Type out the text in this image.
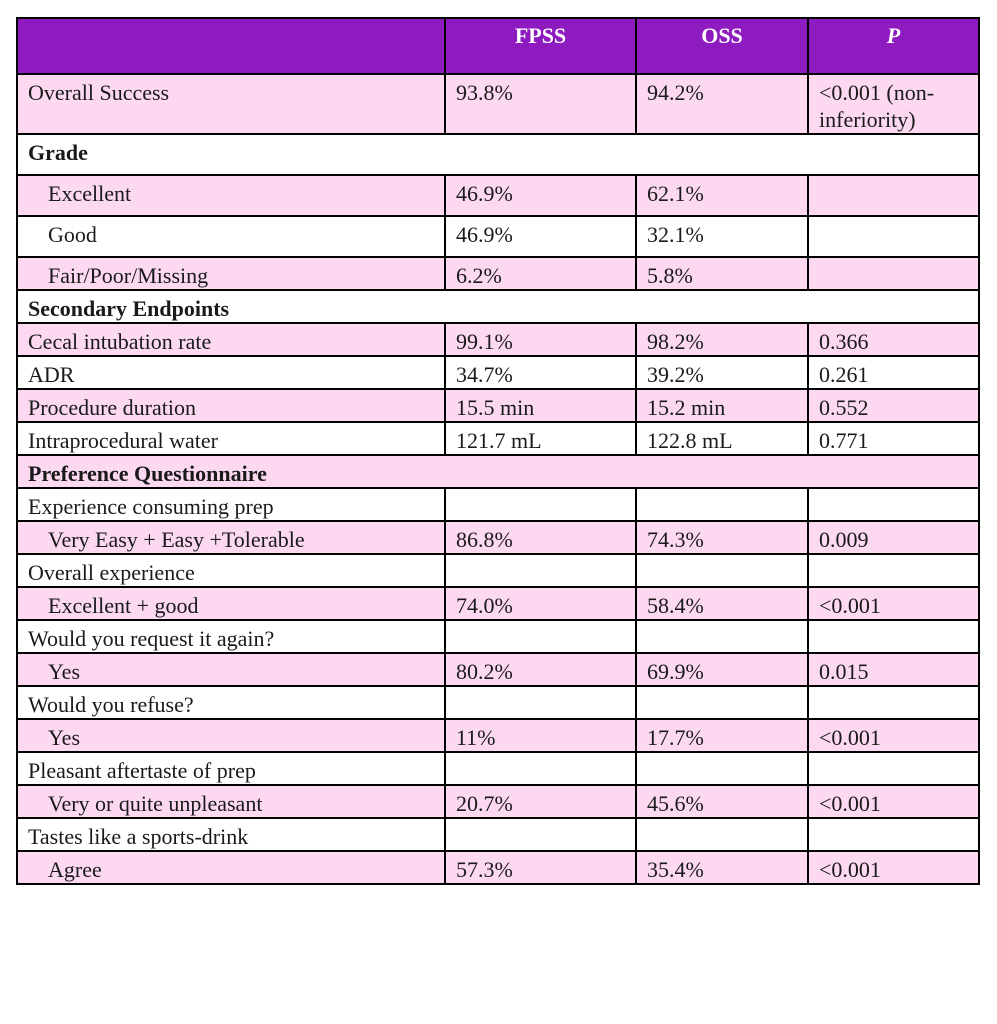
	FPSS	OSS	P
Overall Success	93.8%	94.2%	<0.001 (non-inferiority)
Grade			
Excellent	46.9%	62.1%	
Good	46.9%	32.1%	
Fair/Poor/Missing	6.2%	5.8%	
Secondary Endpoints			
Cecal intubation rate	99.1%	98.2%	0.366
ADR	34.7%	39.2%	0.261
Procedure duration	15.5 min	15.2 min	0.552
Intraprocedural water	121.7 mL	122.8 mL	0.771
Preference Questionnaire			
Experience consuming prep			
Very Easy + Easy +Tolerable	86.8%	74.3%	0.009
Overall experience			
Excellent + good	74.0%	58.4%	<0.001
Would you request it again?			
Yes	80.2%	69.9%	0.015
Would you refuse?			
Yes	11%	17.7%	<0.001
Pleasant aftertaste of prep			
Very or quite unpleasant	20.7%	45.6%	<0.001
Tastes like a sports-drink			
Agree	57.3%	35.4%	<0.001
